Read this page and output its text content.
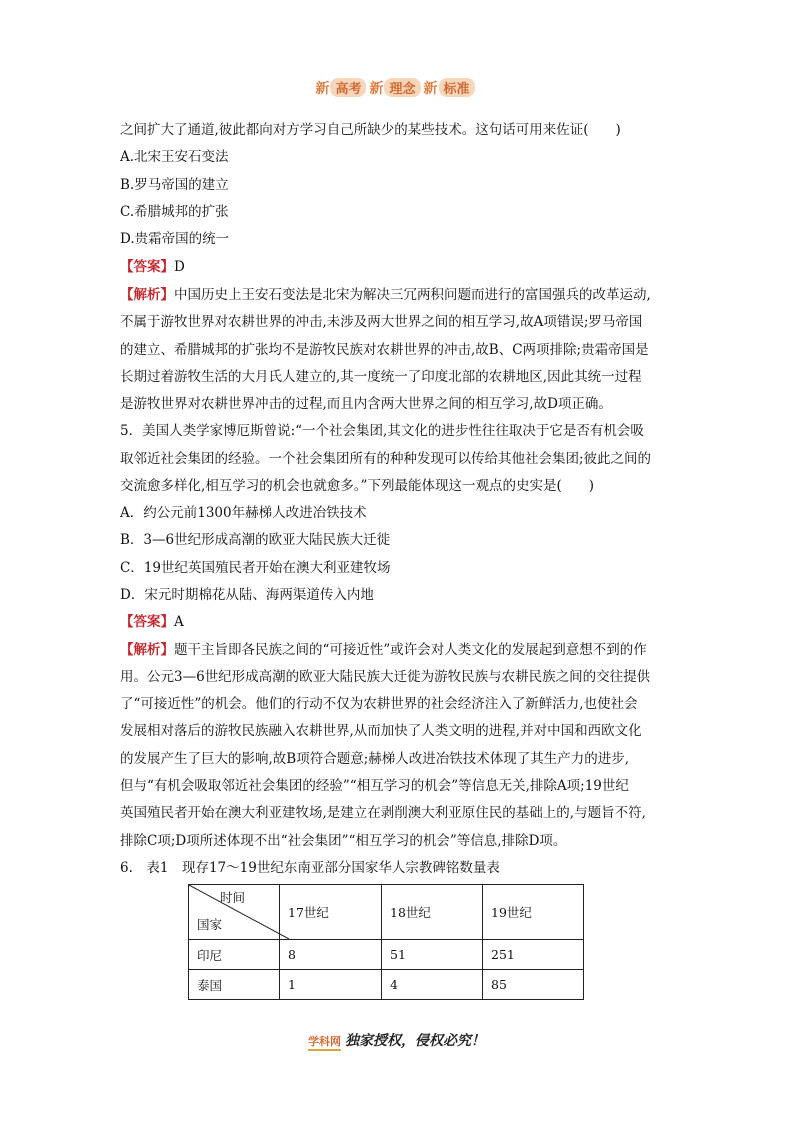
新 高考 新 理念 新 标准
之间扩大了通道,彼此都向对方学习自己所缺少的某些技术。这句话可用来佐证(　　)
A.北宋王安石变法
B.罗马帝国的建立
C.希腊城邦的扩张
D.贵霜帝国的统一
【答案】D
【解析】中国历史上王安石变法是北宋为解决三冗两积问题而进行的富国强兵的改革运动,
不属于游牧世界对农耕世界的冲击,未涉及两大世界之间的相互学习,故A项错误;罗马帝国
的建立、希腊城邦的扩张均不是游牧民族对农耕世界的冲击,故B、C两项排除;贵霜帝国是
长期过着游牧生活的大月氏人建立的,其一度统一了印度北部的农耕地区,因此其统一过程
是游牧世界对农耕世界冲击的过程,而且内含两大世界之间的相互学习,故D项正确。
5．美国人类学家博厄斯曾说:“一个社会集团,其文化的进步性往往取决于它是否有机会吸
取邻近社会集团的经验。一个社会集团所有的种种发现可以传给其他社会集团;彼此之间的
交流愈多样化,相互学习的机会也就愈多。”下列最能体现这一观点的史实是(　　)
A．约公元前1300年赫梯人改进冶铁技术
B．3—6世纪形成高潮的欧亚大陆民族大迁徙
C．19世纪英国殖民者开始在澳大利亚建牧场
D．宋元时期棉花从陆、海两渠道传入内地
【答案】A
【解析】题干主旨即各民族之间的“可接近性”或许会对人类文化的发展起到意想不到的作
用。公元3—6世纪形成高潮的欧亚大陆民族大迁徙为游牧民族与农耕民族之间的交往提供
了“可接近性”的机会。他们的行动不仅为农耕世界的社会经济注入了新鲜活力,也使社会
发展相对落后的游牧民族融入农耕世界,从而加快了人类文明的进程,并对中国和西欧文化
的发展产生了巨大的影响,故B项符合题意;赫梯人改进冶铁技术体现了其生产力的进步,
但与“有机会吸取邻近社会集团的经验”“相互学习的机会”等信息无关,排除A项;19世纪
英国殖民者开始在澳大利亚建牧场,是建立在剥削澳大利亚原住民的基础上的,与题旨不符,
排除C项;D项所述体现不出“社会集团”“相互学习的机会”等信息,排除D项。
6.　表1　现存17～19世纪东南亚部分国家华人宗教碑铭数量表
时间
国家	17世纪	18世纪	19世纪
印尼	8	51	251
泰国	1	4	85
学科网 独家授权，侵权必究！
